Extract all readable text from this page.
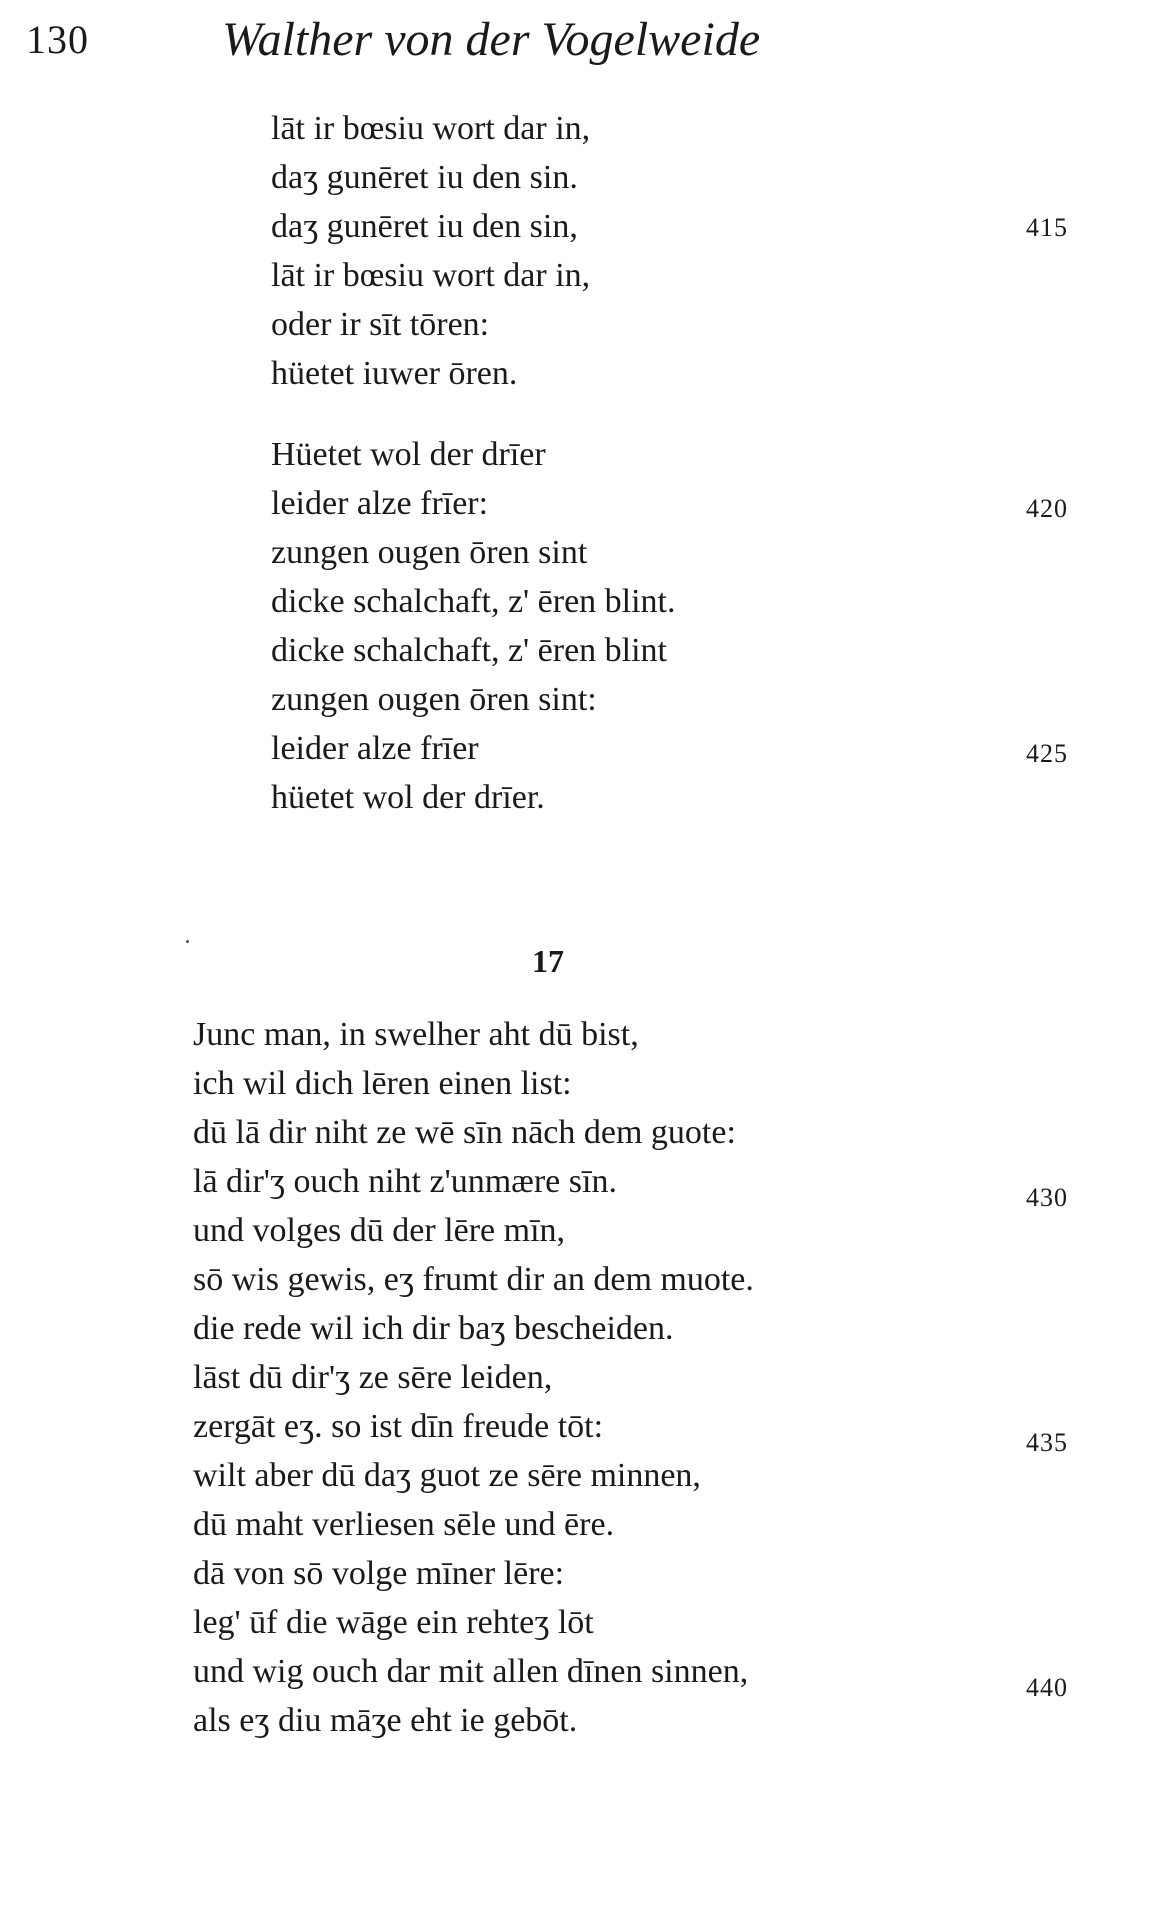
130	Walther von der Vogelweide
lāt ir bœsiu wort dar in,
daʒ gunēret iu den sin.
daʒ gunēret iu den sin,
lāt ir bœsiu wort dar in,
oder ir sīt tōren:
hüetet iuwer ōren.
415
Hüetet wol der drīer
leider alze frīer:
zungen ougen ōren sint
dicke schalchaft, z' ēren blint.
dicke schalchaft, z' ēren blint
zungen ougen ōren sint:
leider alze frīer
hüetet wol der drīer.
420
425
17
Junc man, in swelher aht dū bist,
ich wil dich lēren einen list:
dū lā dir niht ze wē sīn nāch dem guote:
lā dir'ʒ ouch niht z'unmære sīn.
und volges dū der lēre mīn,
sō wis gewis, eʒ frumt dir an dem muote.
die rede wil ich dir baʒ bescheiden.
lāst dū dir'ʒ ze sēre leiden,
zergāt eʒ. so ist dīn freude tōt:
wilt aber dū daʒ guot ze sēre minnen,
dū maht verliesen sēle und ēre.
dā von sō volge mīner lēre:
leg' ūf die wāge ein rehteʒ lōt
und wig ouch dar mit allen dīnen sinnen,
als eʒ diu māʒe eht ie gebōt.
430
435
440
